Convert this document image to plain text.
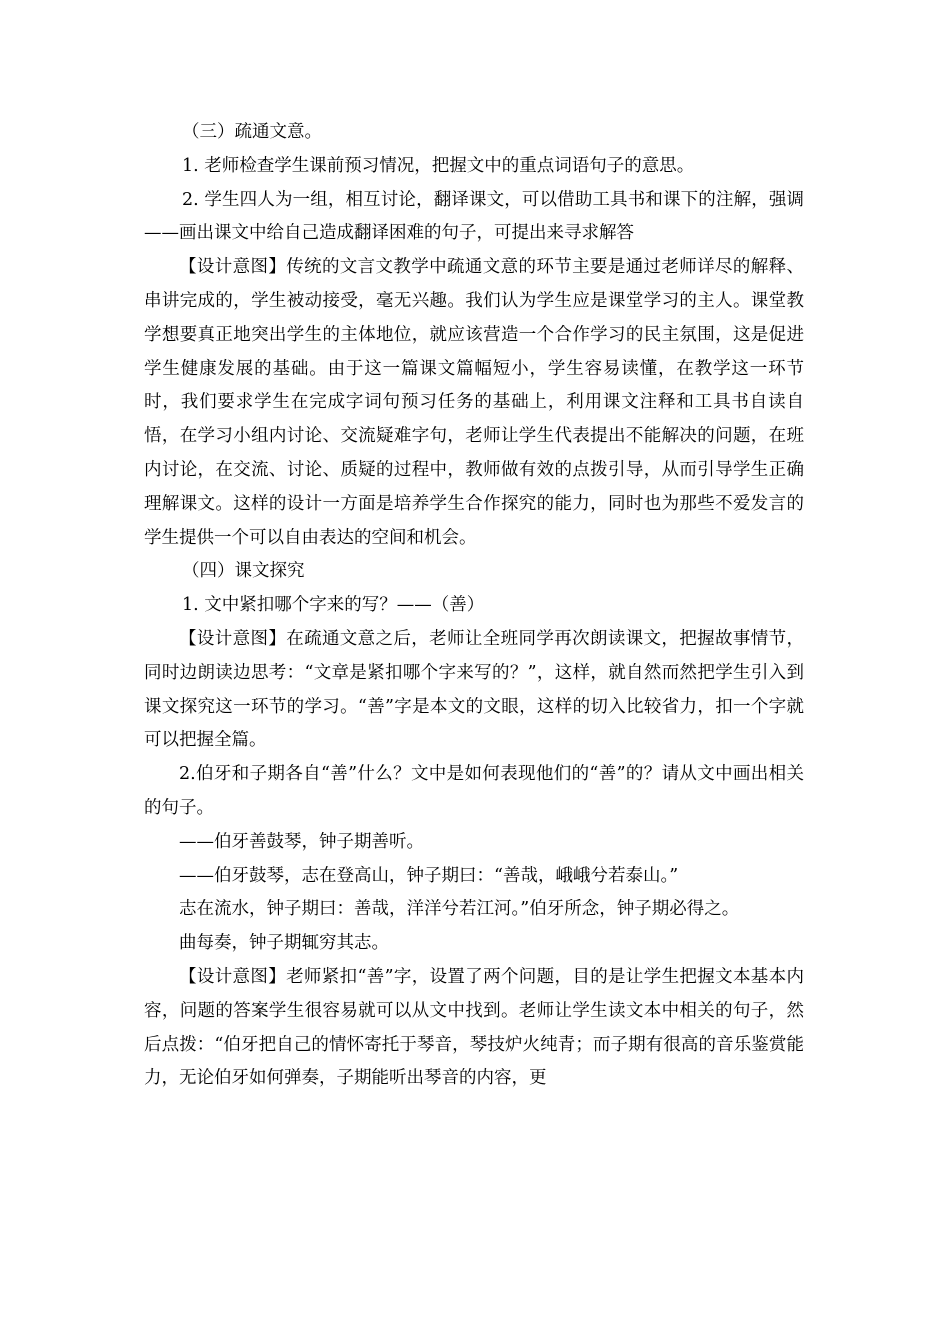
（三）疏通文意。

1. 老师检查学生课前预习情况，把握文中的重点词语句子的意思。

2. 学生四人为一组，相互讨论，翻译课文，可以借助工具书和课下的注解，强调——画出课文中给自己造成翻译困难的句子，可提出来寻求解答

【设计意图】传统的文言文教学中疏通文意的环节主要是通过老师详尽的解释、串讲完成的，学生被动接受，毫无兴趣。我们认为学生应是课堂学习的主人。课堂教学想要真正地突出学生的主体地位，就应该营造一个合作学习的民主氛围，这是促进学生健康发展的基础。由于这一篇课文篇幅短小，学生容易读懂，在教学这一环节时，我们要求学生在完成字词句预习任务的基础上，利用课文注释和工具书自读自悟，在学习小组内讨论、交流疑难字句，老师让学生代表提出不能解决的问题，在班内讨论，在交流、讨论、质疑的过程中，教师做有效的点拨引导，从而引导学生正确理解课文。这样的设计一方面是培养学生合作探究的能力，同时也为那些不爱发言的学生提供一个可以自由表达的空间和机会。

（四）课文探究

1. 文中紧扣哪个字来的写？——（善）

【设计意图】在疏通文意之后，老师让全班同学再次朗读课文，把握故事情节，同时边朗读边思考：“文章是紧扣哪个字来写的？”，这样，就自然而然把学生引入到课文探究这一环节的学习。“善”字是本文的文眼，这样的切入比较省力，扣一个字就可以把握全篇。

2.伯牙和子期各自“善”什么？文中是如何表现他们的“善”的？请从文中画出相关的句子。

——伯牙善鼓琴，钟子期善听。

——伯牙鼓琴，志在登高山，钟子期曰：“善哉，峨峨兮若泰山。”

志在流水，钟子期曰：善哉，洋洋兮若江河。”伯牙所念，钟子期必得之。

曲每奏，钟子期辄穷其志。

【设计意图】老师紧扣“善”字，设置了两个问题，目的是让学生把握文本基本内容，问题的答案学生很容易就可以从文中找到。老师让学生读文本中相关的句子，然后点拨：“伯牙把自己的情怀寄托于琴音，琴技炉火纯青；而子期有很高的音乐鉴赏能力，无论伯牙如何弹奏，子期能听出琴音的内容，更
